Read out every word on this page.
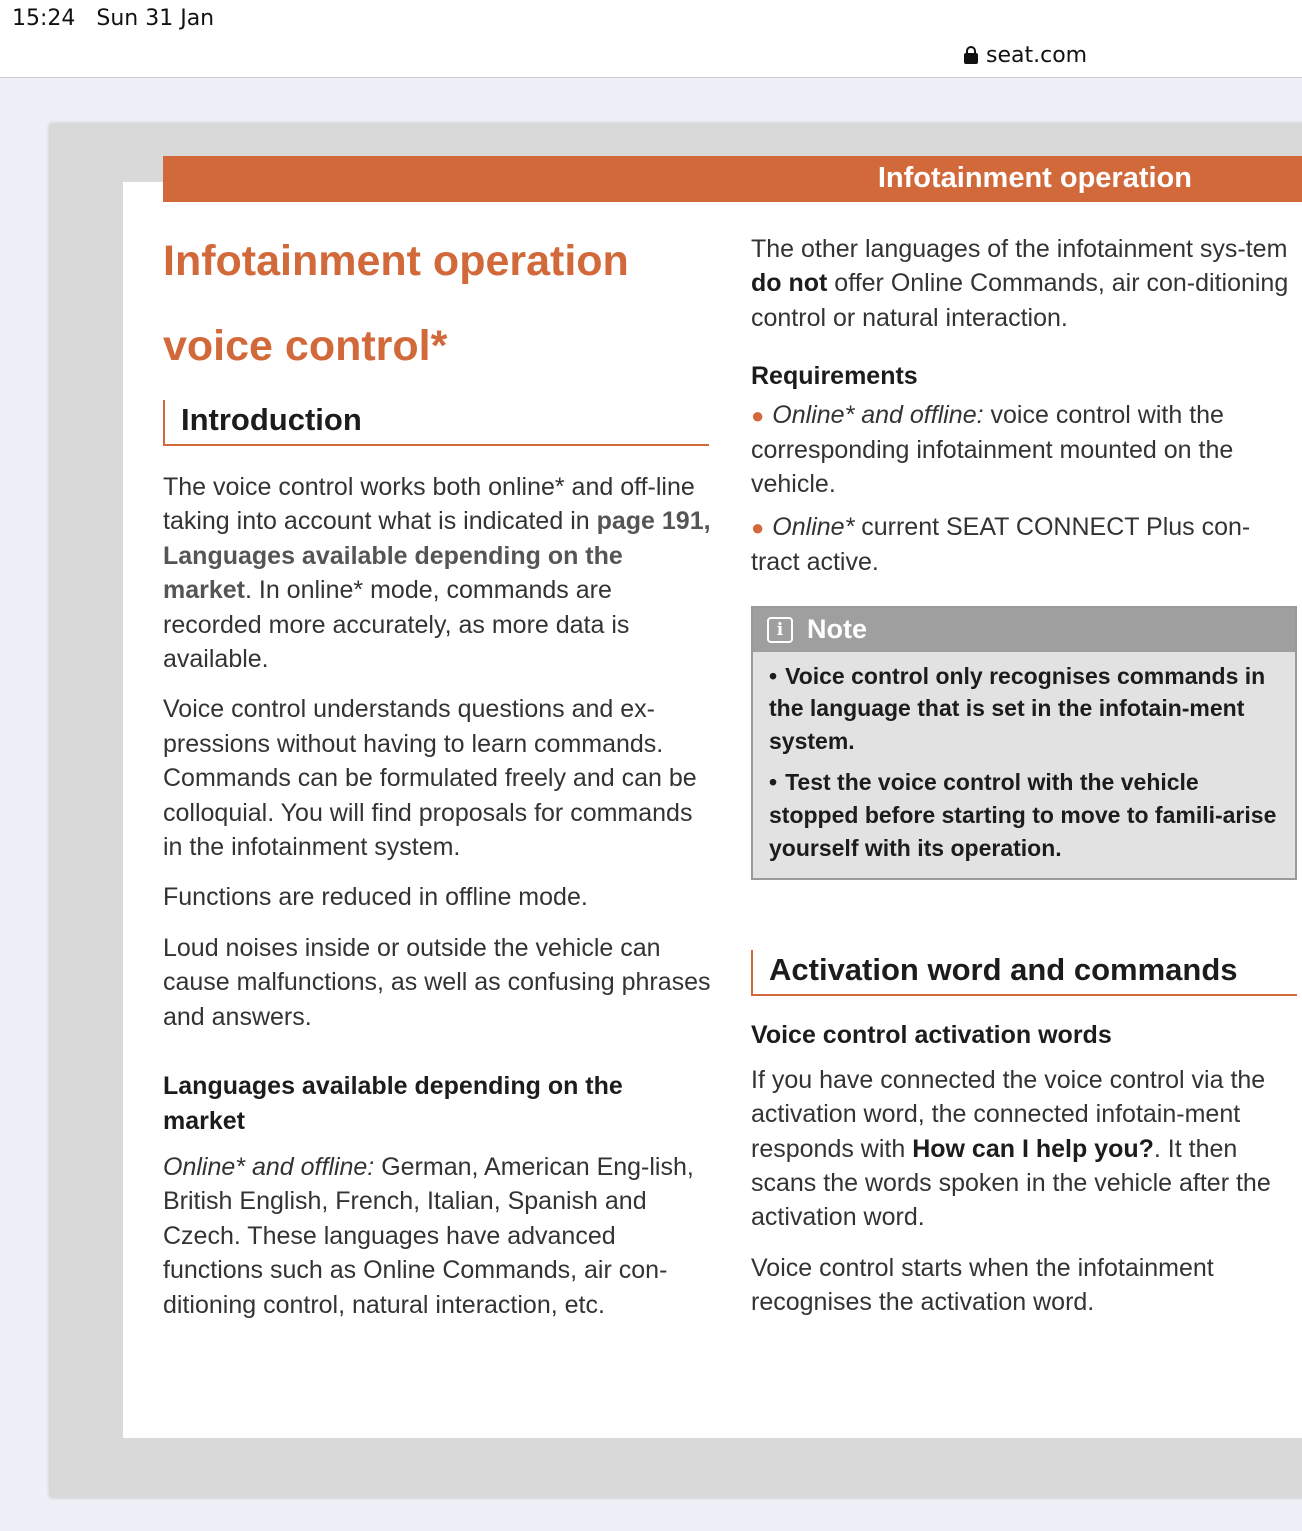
15:24   Sun 31 Jan
seat.com
Infotainment operation
Infotainment operation
voice control*
Introduction

The voice control works both online* and off-line taking into account what is indicated in page 191, Languages available depending on the market. In online* mode, commands are recorded more accurately, as more data is available.

Voice control understands questions and ex-pressions without having to learn commands. Commands can be formulated freely and can be colloquial. You will find proposals for commands in the infotainment system.

Functions are reduced in offline mode.

Loud noises inside or outside the vehicle can cause malfunctions, as well as confusing phrases and answers.

Languages available depending on the market

Online* and offline: German, American Eng-lish, British English, French, Italian, Spanish and Czech. These languages have advanced functions such as Online Commands, air con-ditioning control, natural interaction, etc.

The other languages of the infotainment sys-tem do not offer Online Commands, air con-ditioning control or natural interaction.

Requirements

● Online* and offline: voice control with the corresponding infotainment mounted on the vehicle.

● Online* current SEAT CONNECT Plus con-tract active.

i Note

• Voice control only recognises commands in the language that is set in the infotain-ment system.

• Test the voice control with the vehicle stopped before starting to move to famili-arise yourself with its operation.

Activation word and commands
Voice control activation words

If you have connected the voice control via the activation word, the connected infotain-ment responds with How can I help you?. It then scans the words spoken in the vehicle after the activation word.

Voice control starts when the infotainment recognises the activation word.
